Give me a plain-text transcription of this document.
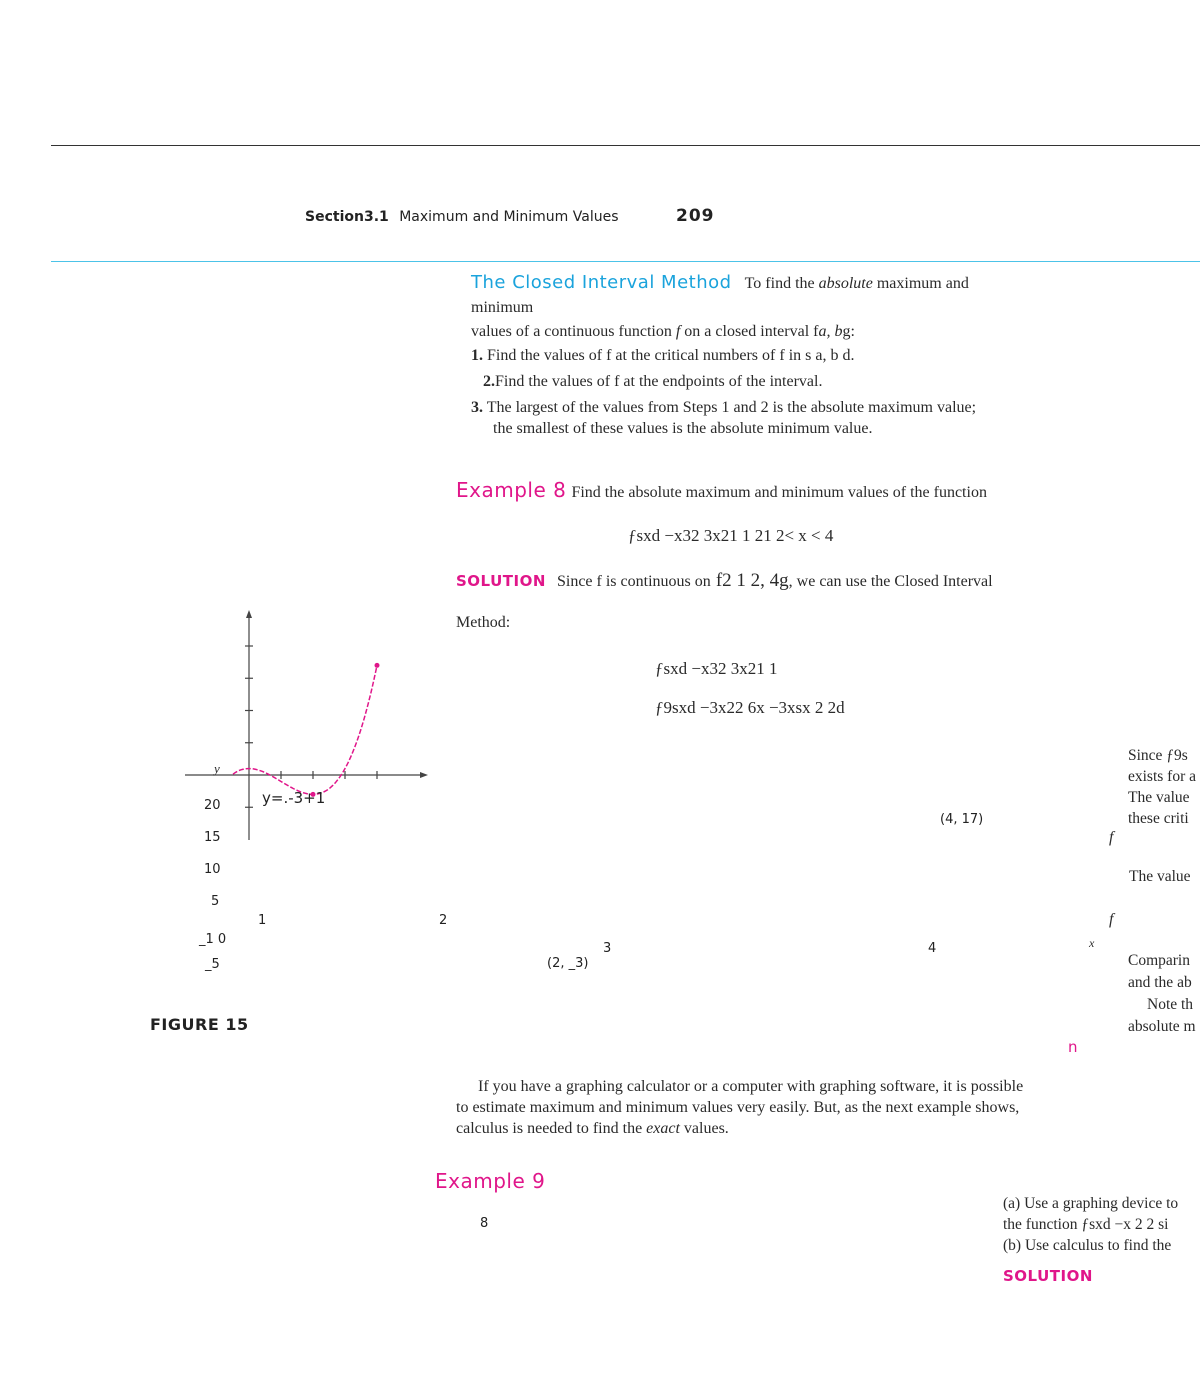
Section3.1 Maximum and Minimum Values	209
The Closed Interval Method To find the absolute maximum and
minimum
values of a continuous function f on a closed interval fa, bg:
1. Find the values of f at the critical numbers of f in s a, b d.
2.Find the values of f at the endpoints of the interval.
3. The largest of the values from Steps 1 and 2 is the absolute maximum value;
the smallest of these values is the absolute minimum value.
Example 8 Find the absolute maximum and minimum values of the function
ƒsxd −x32 3x21 1 21 2< x < 4
SOLUTION Since f is continuous on f2 1 2, 4g, we can use the Closed Interval
Method:
ƒsxd −x32 3x21 1
ƒ9sxd −3x22 6x −3xsx 2 2d
Since ƒ9s
exists for a
The value
these criti
f
The value
f
Comparin
and the ab
Note th
absolute m
n
y
y=.-3+1
20
15
10
5
_1 0
_5
1	2
3	4	x
(4, 17)
(2, _3)
FIGURE 15
If you have a graphing calculator or a computer with graphing software, it is possible
to estimate maximum and minimum values very easily. But, as the next example shows,
calculus is needed to find the exact values.
Example 9
8
(a) Use a graphing device to
the function ƒsxd −x 2 2 si
(b) Use calculus to find the
SOLUTION
